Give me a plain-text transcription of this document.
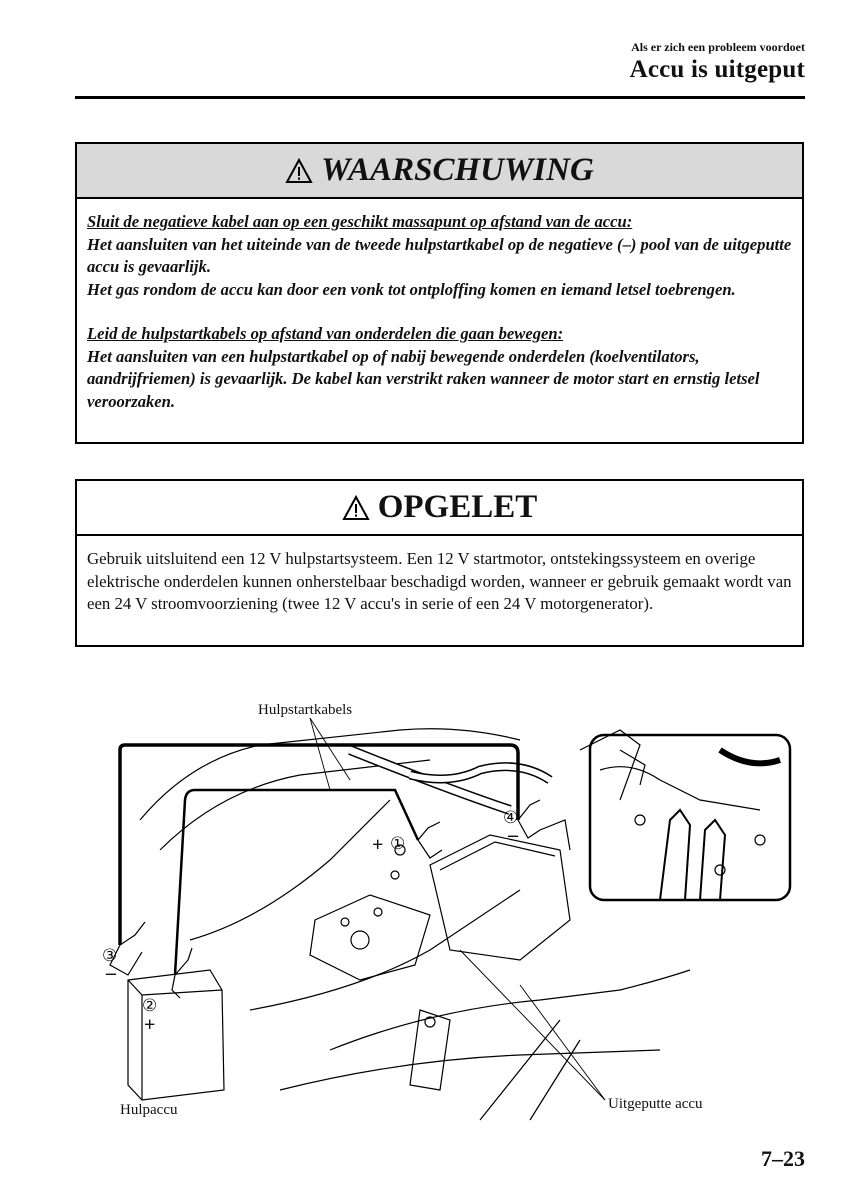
Als er zich een probleem voordoet
Accu is uitgeput
WAARSCHUWING

Sluit de negatieve kabel aan op een geschikt massapunt op afstand van de accu:

Het aansluiten van het uiteinde van de tweede hulpstartkabel op de negatieve (–) pool van de uitgeputte accu is gevaarlijk.

Het gas rondom de accu kan door een vonk tot ontploffing komen en iemand letsel toebrengen.

Leid de hulpstartkabels op afstand van onderdelen die gaan bewegen:

Het aansluiten van een hulpstartkabel op of nabij bewegende onderdelen (koelventilators, aandrijfriemen) is gevaarlijk. De kabel kan verstrikt raken wanneer de motor start en ernstig letsel veroorzaken.

OPGELET
Gebruik uitsluitend een 12 V hulpstartsysteem. Een 12 V startmotor, ontstekingssysteem en overige elektrische onderdelen kunnen onherstelbaar beschadigd worden, wanneer er gebruik gemaakt wordt van een 24 V stroomvoorziening (twee 12 V accu's in serie of een 24 V motorgenerator).
Hulpstartkabels
Hulpaccu	Uitgeputte accu
①
②
③
④
+
+
–
–
7–23
